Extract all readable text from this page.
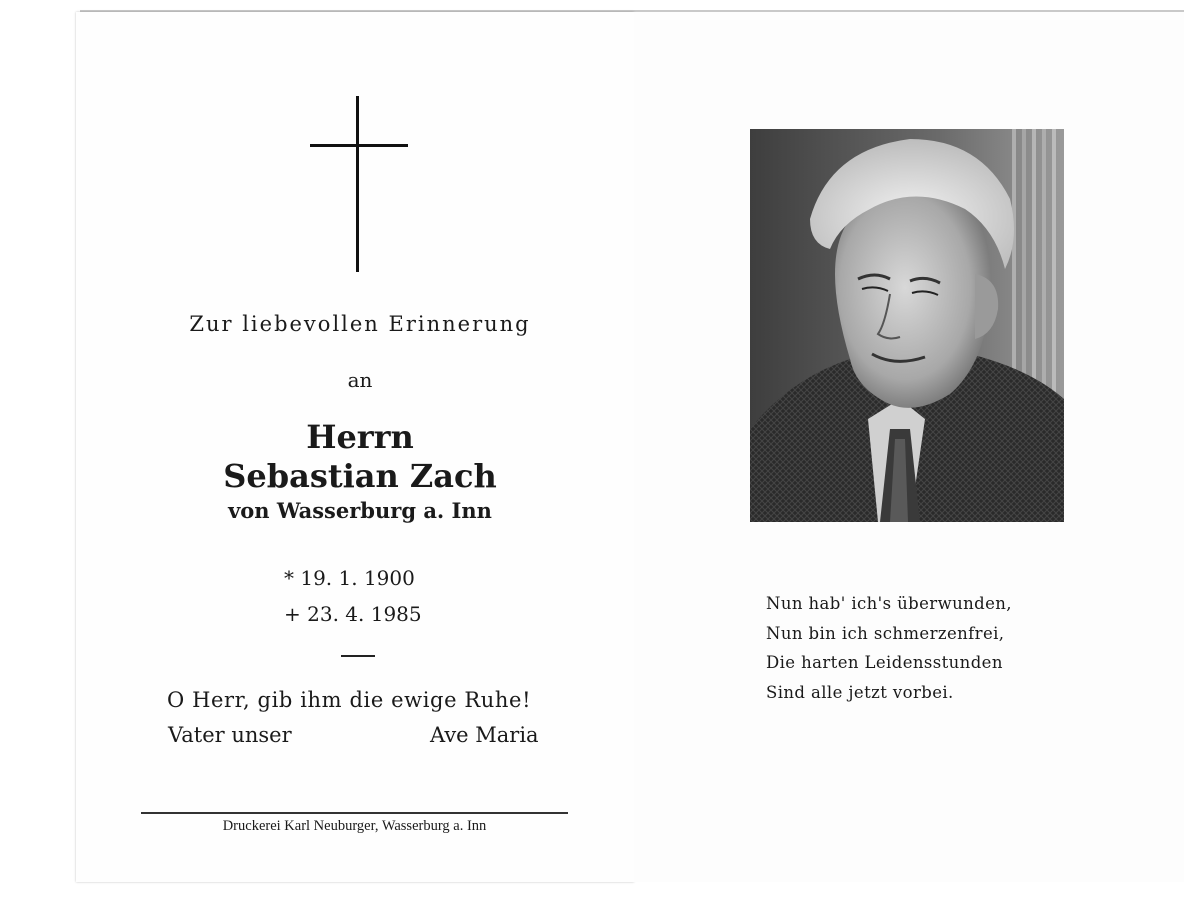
Zur liebevollen Erinnerung
an
Herrn
Sebastian Zach
von Wasserburg a. Inn
* 19. 1. 1900
+ 23. 4. 1985
O Herr, gib ihm die ewige Ruhe!
Vater unser	Ave Maria
Druckerei Karl Neuburger, Wasserburg a. Inn
Nun hab' ich's überwunden,
Nun bin ich schmerzenfrei,
Die harten Leidensstunden
Sind alle jetzt vorbei.
